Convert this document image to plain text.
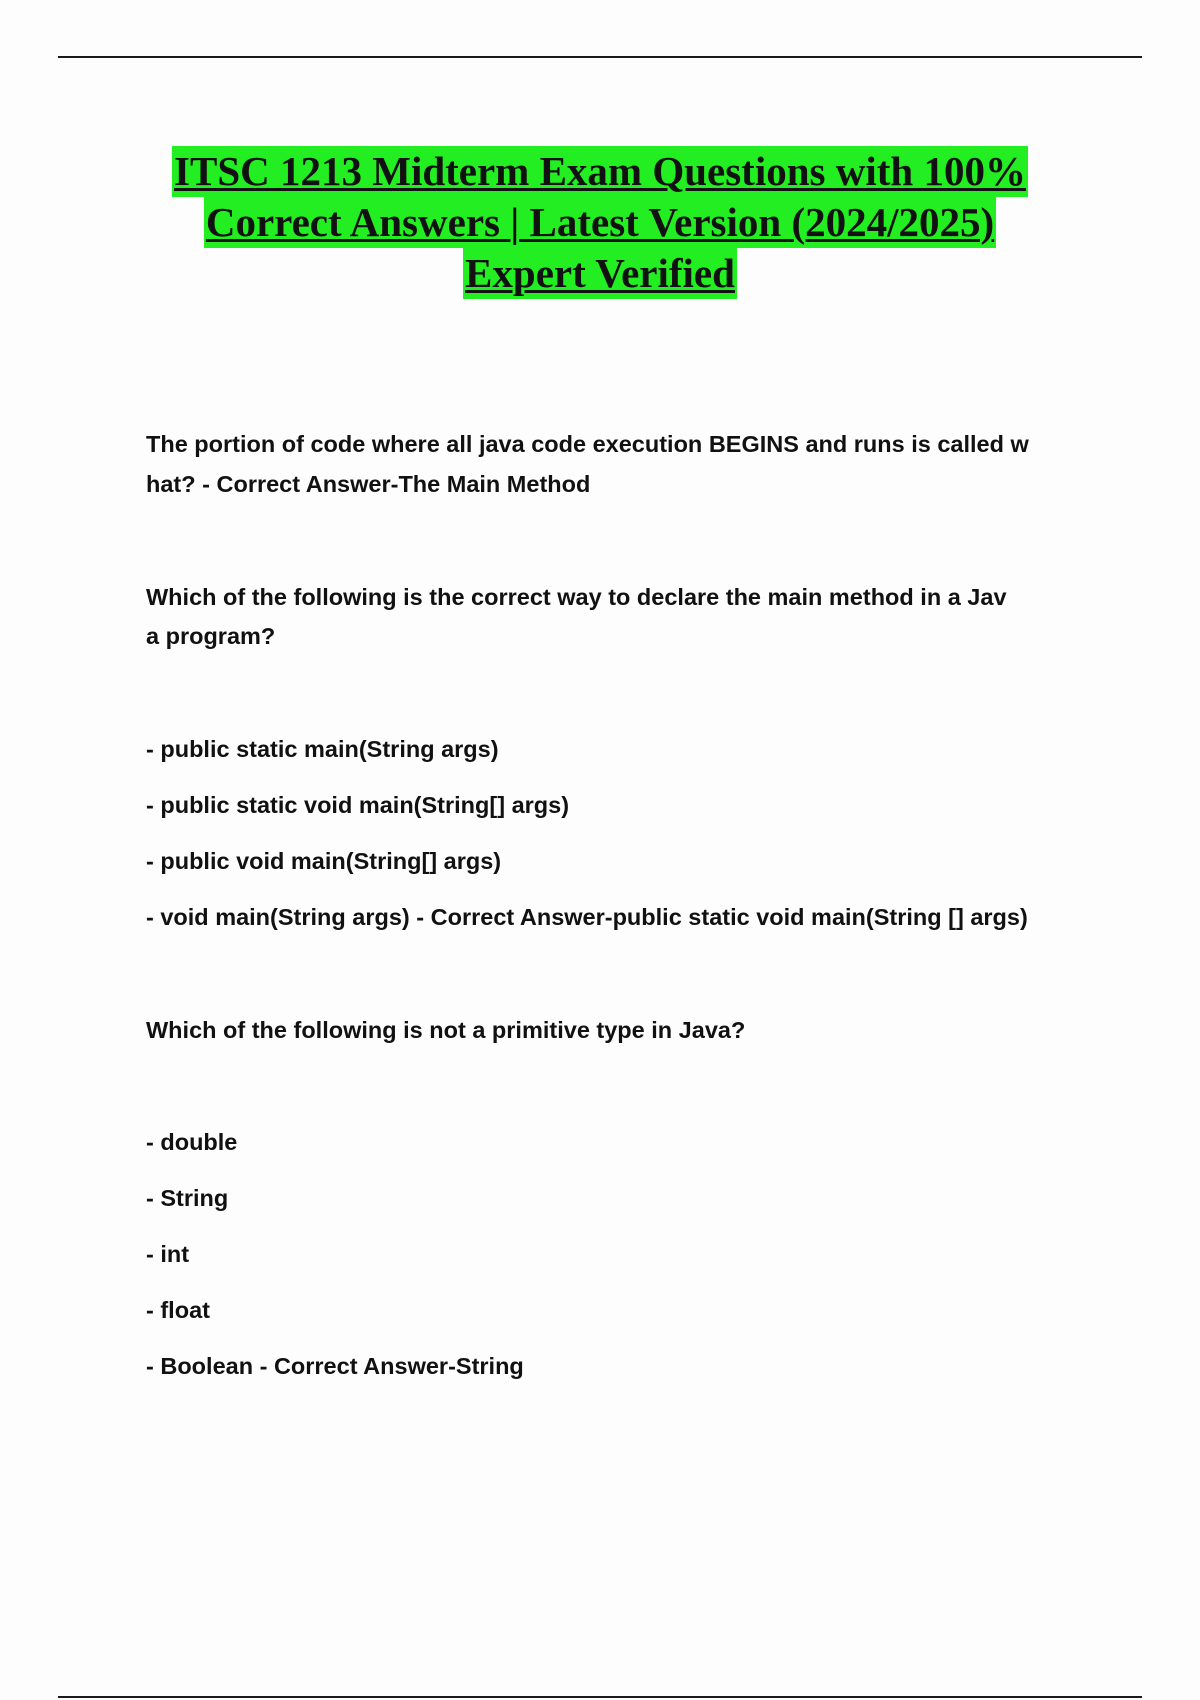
ITSC 1213 Midterm Exam Questions with 100%
Correct Answers | Latest Version (2024/2025)
Expert Verified

The portion of code where all java code execution BEGINS and runs is called w

hat? - Correct Answer-The Main Method

Which of the following is the correct way to declare the main method in a Jav

a program?

- public static main(String args)

- public static void main(String[] args)

- public void main(String[] args)

- void main(String args) - Correct Answer-public static void main(String [] args)

Which of the following is not a primitive type in Java?

- double

- String

- int

- float

- Boolean - Correct Answer-String
